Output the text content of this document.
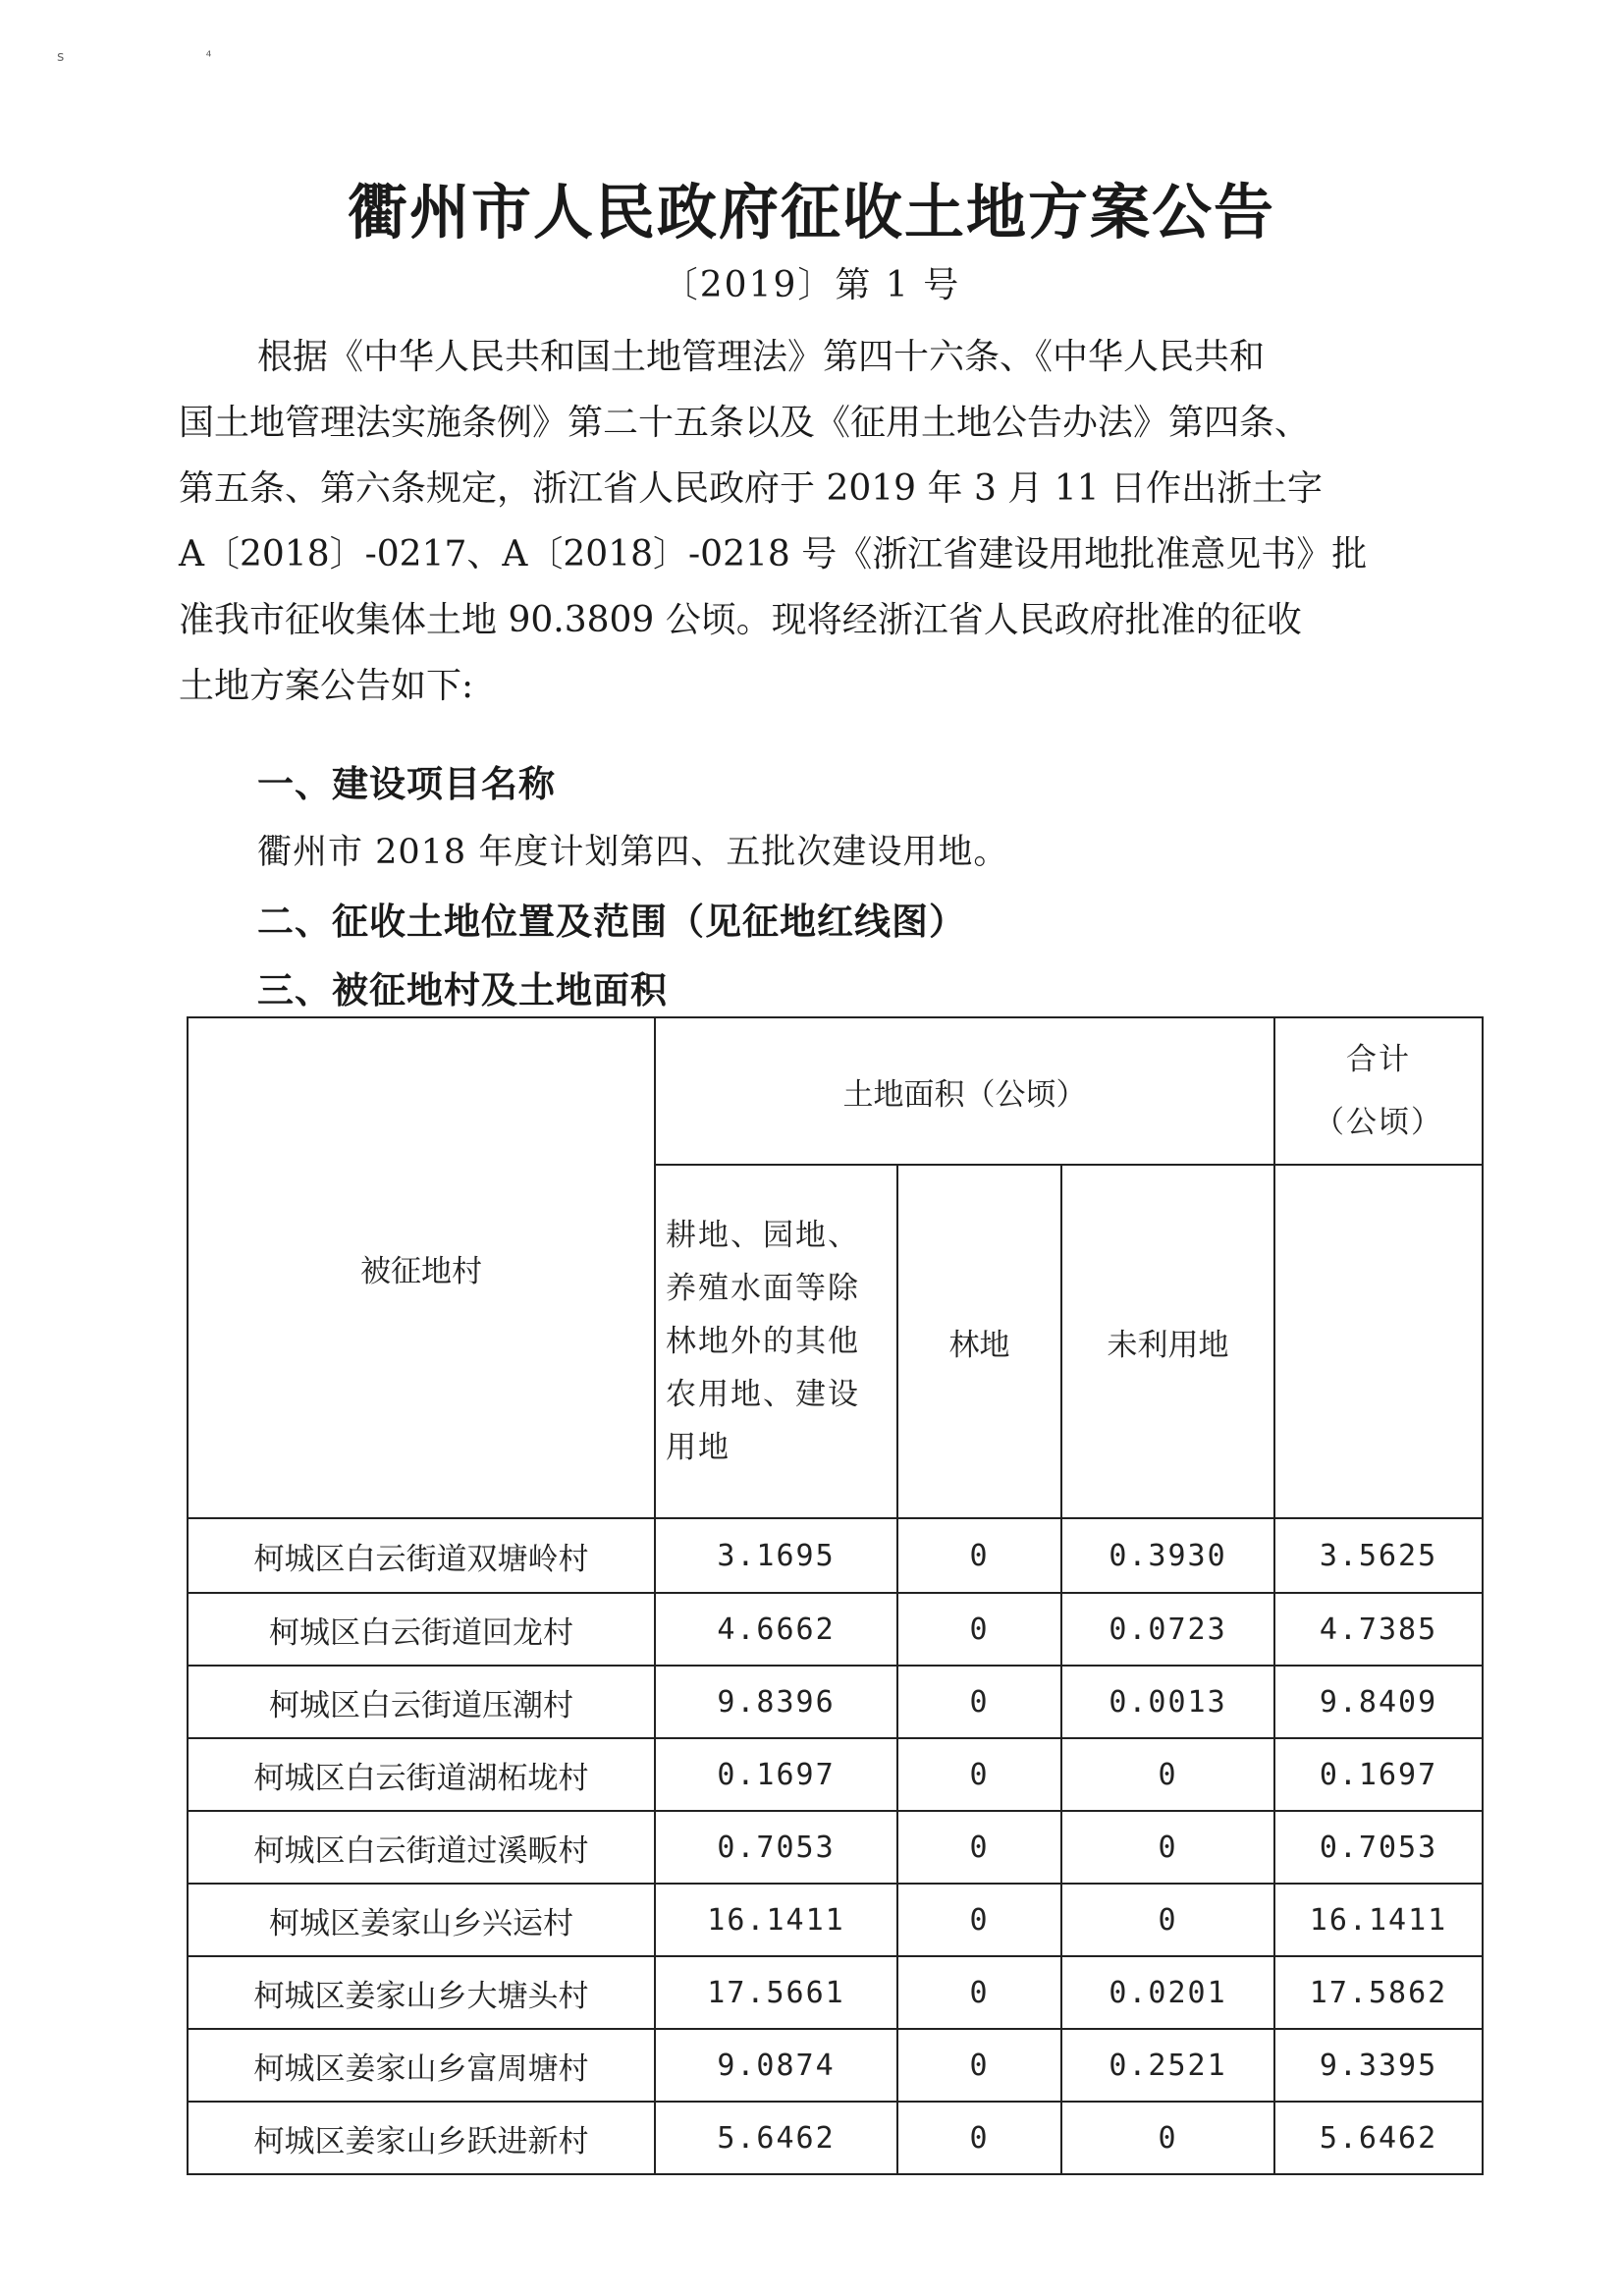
s ⁴
衢州市人民政府征收土地方案公告
〔2019〕第 1 号
根据《中华人民共和国土地管理法》第四十六条、《中华人民共和
国土地管理法实施条例》第二十五条以及《征用土地公告办法》第四条、
第五条、第六条规定，浙江省人民政府于 2019 年 3 月 11 日作出浙土字
A〔2018〕-0217、A〔2018〕-0218 号《浙江省建设用地批准意见书》批
准我市征收集体土地 90.3809 公顷。现将经浙江省人民政府批准的征收
土地方案公告如下:
一、建设项目名称
衢州市 2018 年度计划第四、五批次建设用地。
二、征收土地位置及范围（见征地红线图）
三、被征地村及土地面积
被征地村	土地面积（公顷）			合计
（公顷）

	耕地、园地、
养殖水面等除
林地外的其他
农用地、建设
用地	林地	未利用地	
柯城区白云街道双塘岭村	3.1695	0	0.3930	3.5625
柯城区白云街道回龙村	4.6662	0	0.0723	4.7385
柯城区白云街道压潮村	9.8396	0	0.0013	9.8409
柯城区白云街道湖柘垅村	0.1697	0	0	0.1697
柯城区白云街道过溪畈村	0.7053	0	0	0.7053
柯城区姜家山乡兴运村	16.1411	0	0	16.1411
柯城区姜家山乡大塘头村	17.5661	0	0.0201	17.5862
柯城区姜家山乡富周塘村	9.0874	0	0.2521	9.3395
柯城区姜家山乡跃进新村	5.6462	0	0	5.6462
